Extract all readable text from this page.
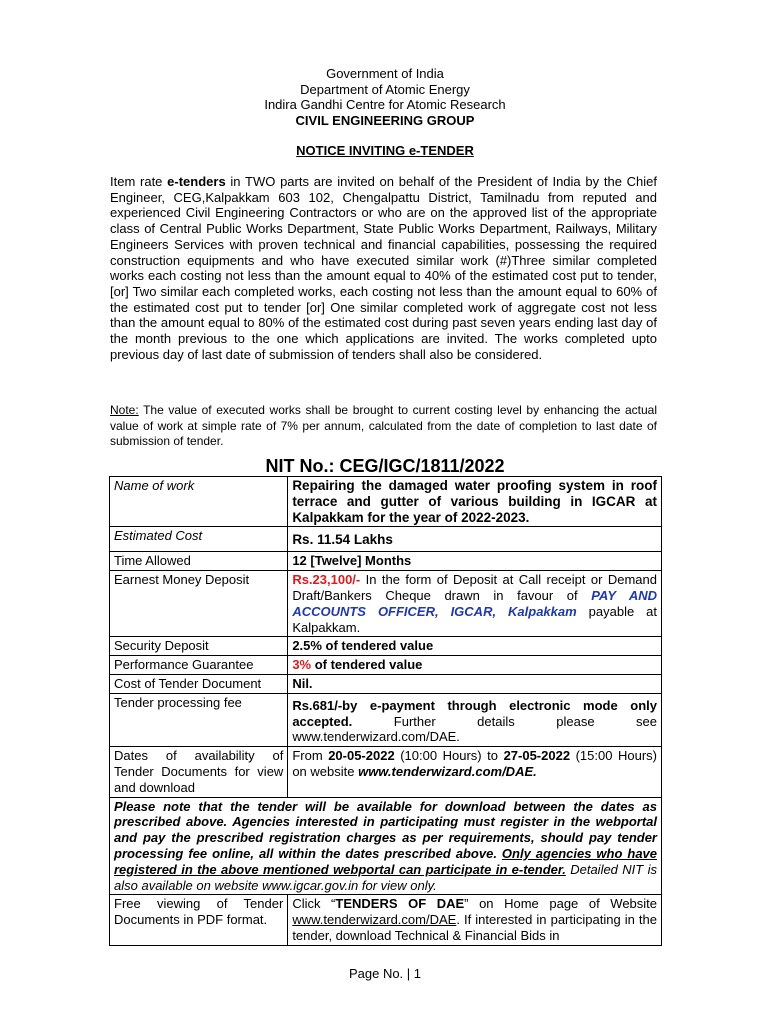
Government of India
Department of Atomic Energy
Indira Gandhi Centre for Atomic Research
CIVIL ENGINEERING GROUP
NOTICE INVITING e-TENDER
Item rate e-tenders in TWO parts are invited on behalf of the President of India by the Chief Engineer, CEG,Kalpakkam 603 102, Chengalpattu District, Tamilnadu from reputed and experienced Civil Engineering Contractors or who are on the approved list of the appropriate class of Central Public Works Department, State Public Works Department, Railways, Military Engineers Services with proven technical and financial capabilities, possessing the required construction equipments and who have executed similar work (#)Three similar completed works each costing not less than the amount equal to 40% of the estimated cost put to tender, [or] Two similar each completed works, each costing not less than the amount equal to 60% of the estimated cost put to tender [or] One similar completed work of aggregate cost not less than the amount equal to 80% of the estimated cost during past seven years ending last day of the month previous to the one which applications are invited. The works completed upto previous day of last date of submission of tenders shall also be considered.
Note: The value of executed works shall be brought to current costing level by enhancing the actual value of work at simple rate of 7% per annum, calculated from the date of completion to last date of submission of tender.
NIT No.: CEG/IGC/1811/2022
Name of work	Repairing the damaged water proofing system in roof terrace and gutter of various building in IGCAR at Kalpakkam for the year of 2022-2023.
Estimated Cost	Rs. 11.54 Lakhs
Time Allowed	12 [Twelve] Months
Earnest Money Deposit	Rs.23,100/- In the form of Deposit at Call receipt or Demand Draft/Bankers Cheque drawn in favour of PAY AND ACCOUNTS OFFICER, IGCAR, Kalpakkam payable at Kalpakkam.
Security Deposit	2.5% of tendered value
Performance Guarantee	3% of tendered value
Cost of Tender Document	Nil.
Tender processing fee	Rs.681/-by e-payment through electronic mode only accepted. Further details please see www.tenderwizard.com/DAE.
Dates of availability of Tender Documents for view and download	From 20-05-2022 (10:00 Hours) to 27-05-2022 (15:00 Hours) on website www.tenderwizard.com/DAE.
Please note that the tender will be available for download between the dates as prescribed above. Agencies interested in participating must register in the webportal and pay the prescribed registration charges as per requirements, should pay tender processing fee online, all within the dates prescribed above. Only agencies who have registered in the above mentioned webportal can participate in e-tender. Detailed NIT is also available on website www.igcar.gov.in for view only.	
Free viewing of Tender Documents in PDF format.	Click “TENDERS OF DAE” on Home page of Website www.tenderwizard.com/DAE. If interested in participating in the tender, download Technical & Financial Bids in
Page No. | 1
